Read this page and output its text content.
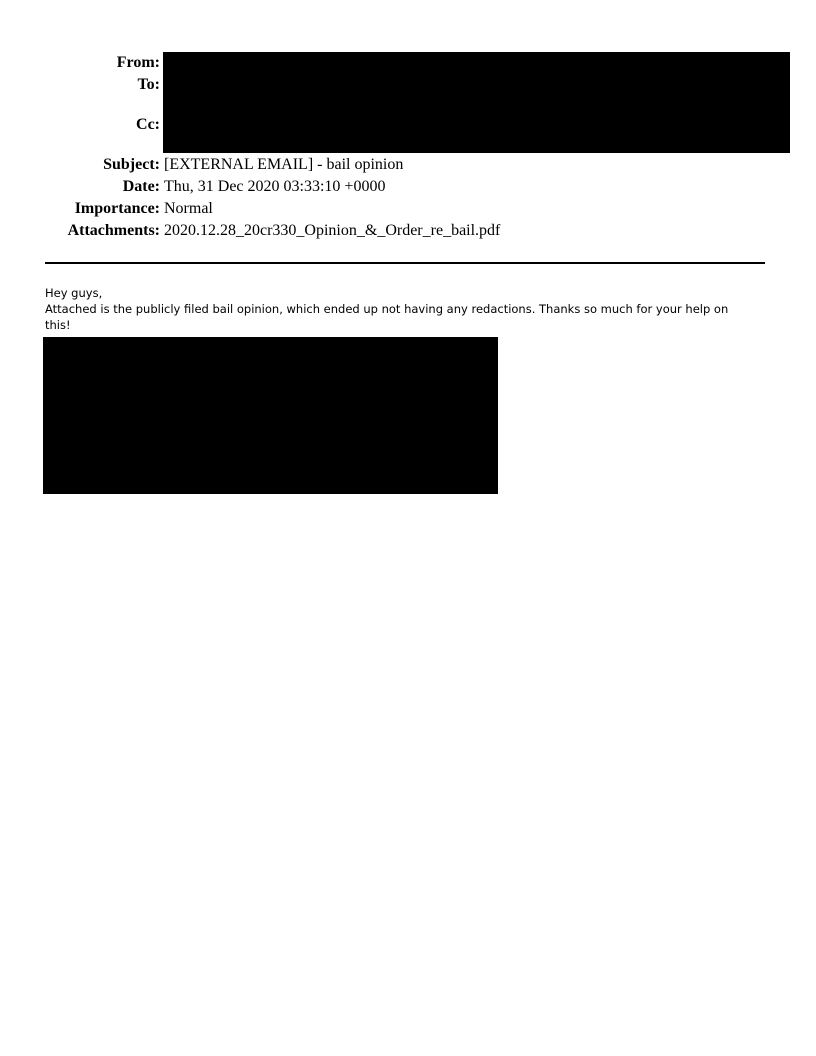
From:
To:
Cc:
Subject: [EXTERNAL EMAIL] - bail opinion
Date: Thu, 31 Dec 2020 03:33:10 +0000
Importance: Normal
Attachments: 2020.12.28_20cr330_Opinion_&_Order_re_bail.pdf
Hey guys,
Attached is the publicly filed bail opinion, which ended up not having any redactions. Thanks so much for your help on
this!
